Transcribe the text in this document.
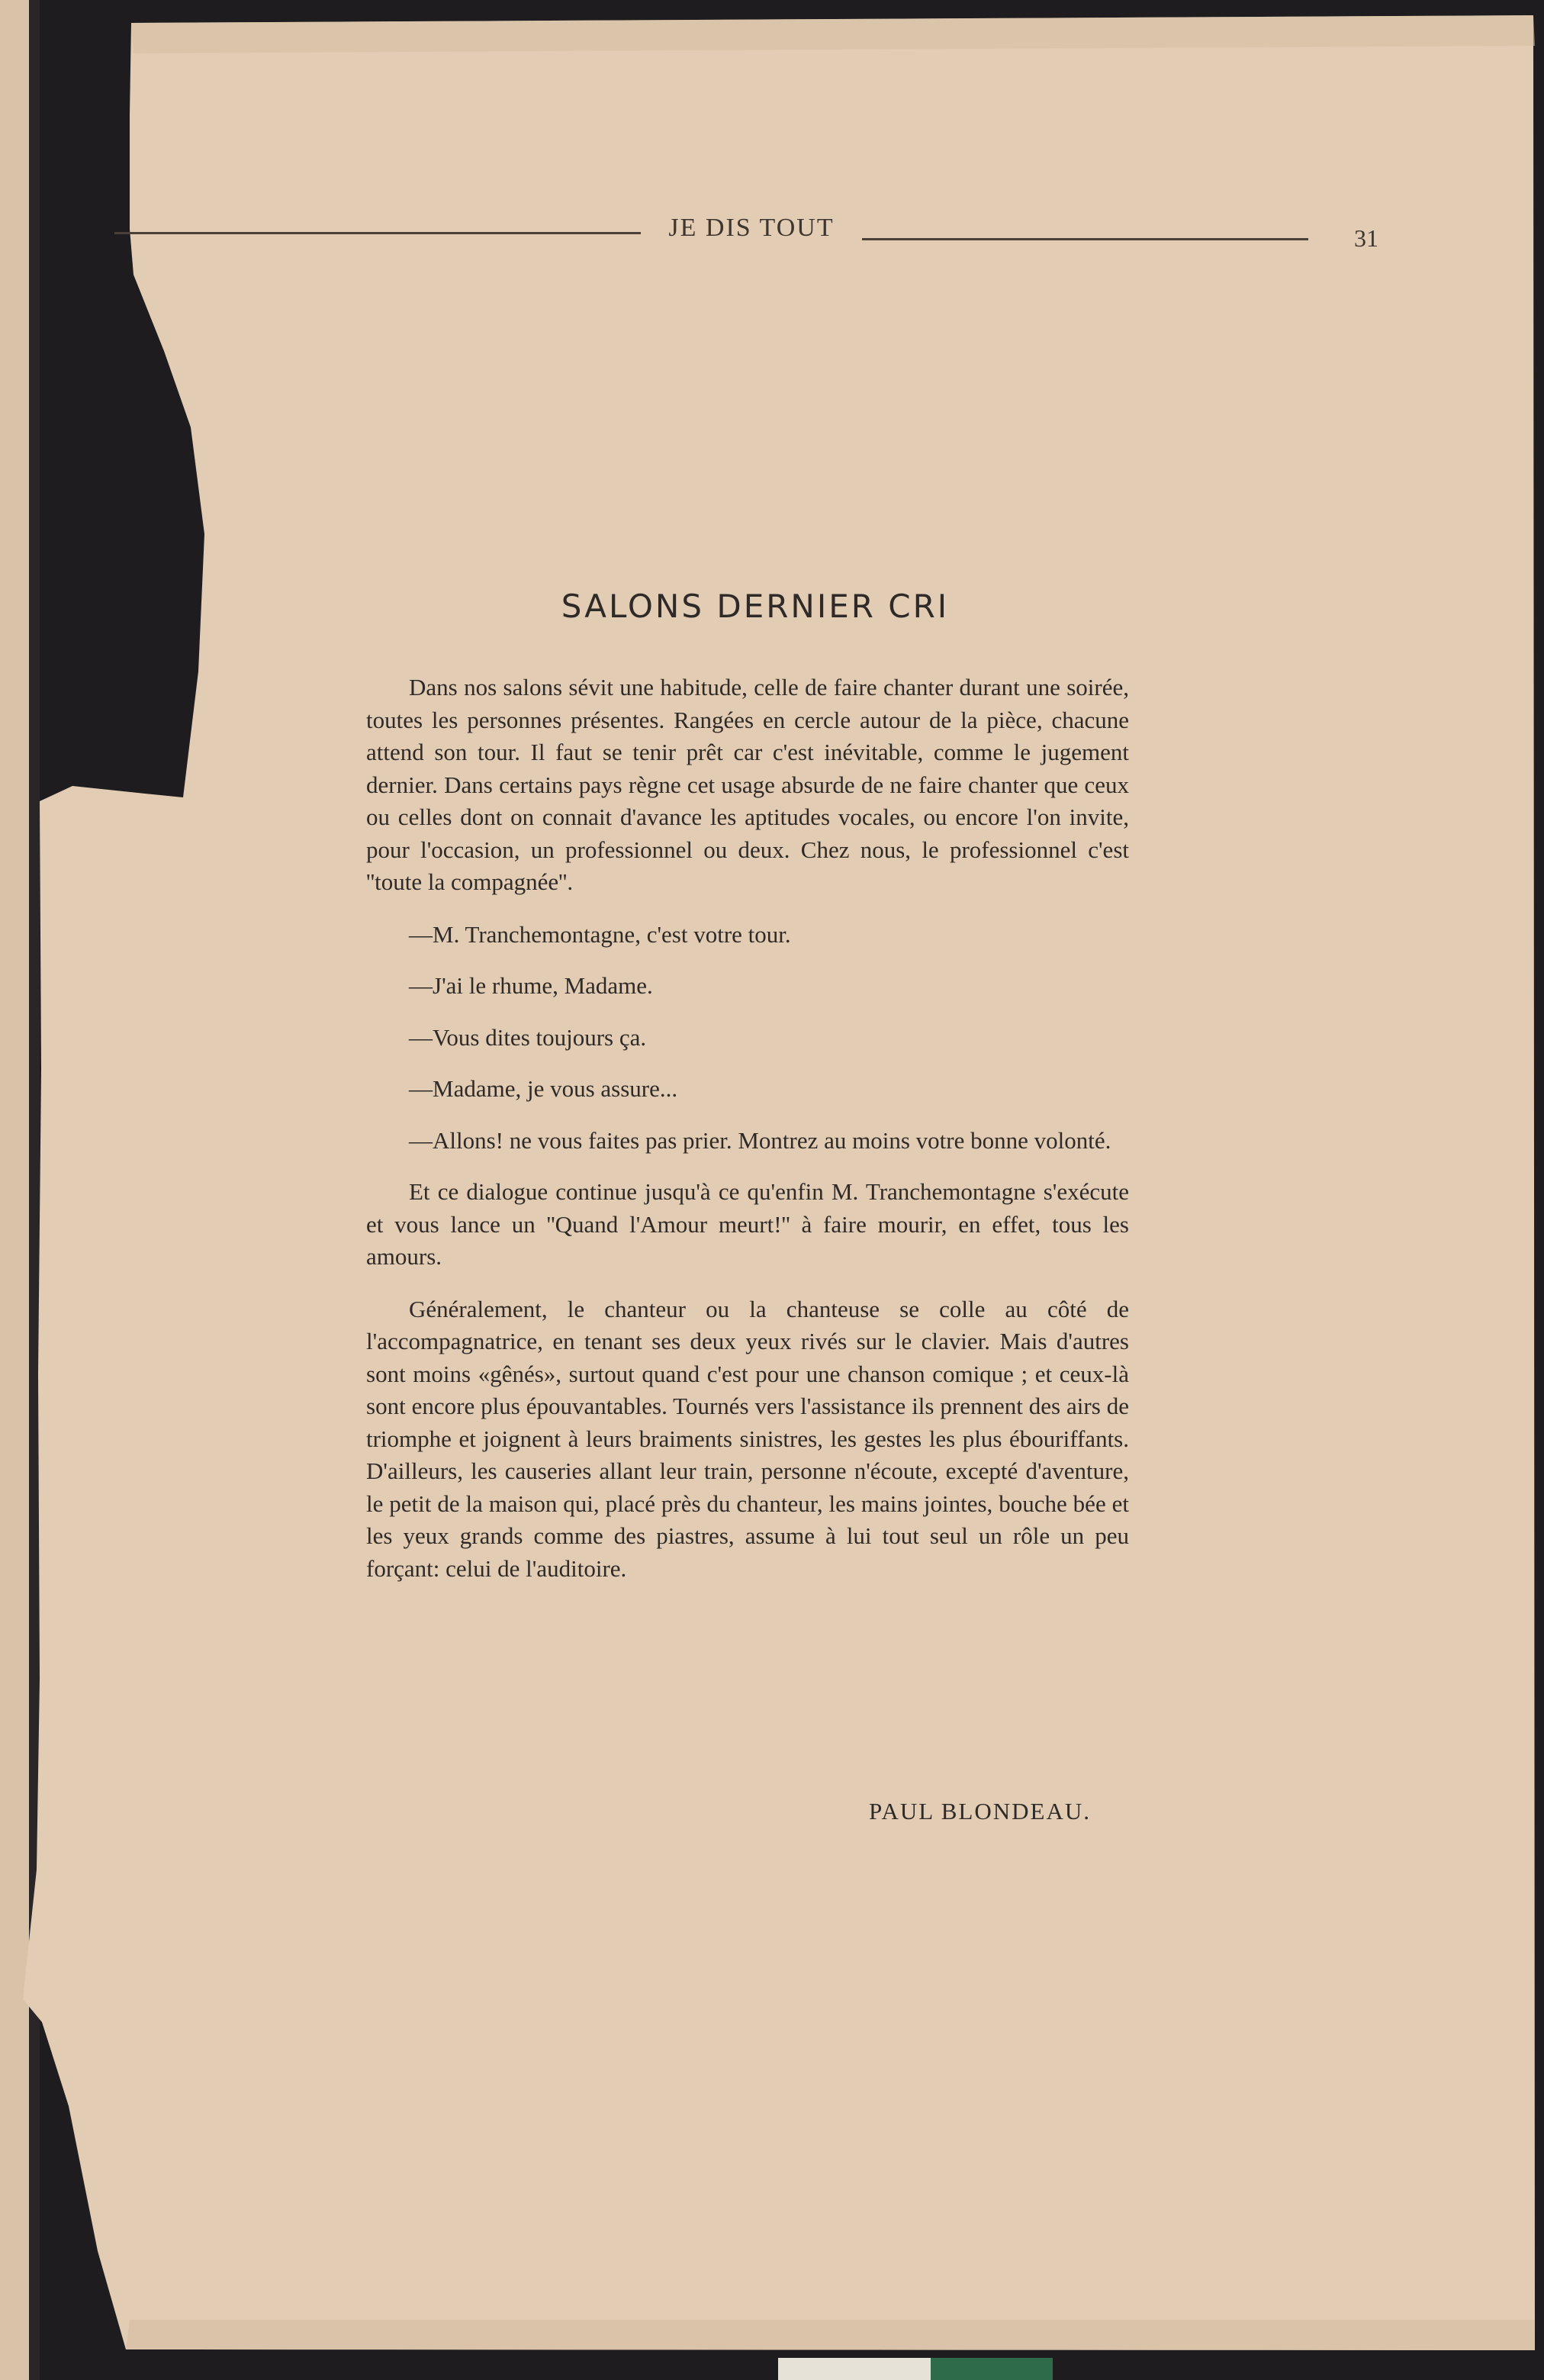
JE DIS TOUT	31
SALONS DERNIER CRI

Dans nos salons sévit une habitude, celle de faire chanter durant une soirée, toutes les personnes présentes. Rangées en cercle autour de la pièce, chacune attend son tour. Il faut se tenir prêt car c'est inévitable, comme le jugement dernier. Dans certains pays règne cet usage absurde de ne faire chanter que ceux ou celles dont on connait d'avance les aptitudes vocales, ou encore l'on invite, pour l'occasion, un professionnel ou deux. Chez nous, le professionnel c'est ''toute la compagnée''.

—M. Tranchemontagne, c'est votre tour.

—J'ai le rhume, Madame.

—Vous dites toujours ça.

—Madame, je vous assure...

—Allons! ne vous faites pas prier. Montrez au moins votre bonne volonté.

Et ce dialogue continue jusqu'à ce qu'enfin M. Tranchemontagne s'exécute et vous lance un ''Quand l'Amour meurt!'' à faire mourir, en effet, tous les amours.

Généralement, le chanteur ou la chanteuse se colle au côté de l'accompagnatrice, en tenant ses deux yeux rivés sur le clavier. Mais d'autres sont moins «gênés», surtout quand c'est pour une chanson comique ; et ceux-là sont encore plus épouvantables. Tournés vers l'assistance ils prennent des airs de triomphe et joignent à leurs braiments sinistres, les gestes les plus ébouriffants. D'ailleurs, les causeries allant leur train, personne n'écoute, excepté d'aventure, le petit de la maison qui, placé près du chanteur, les mains jointes, bouche bée et les yeux grands comme des piastres, assume à lui tout seul un rôle un peu forçant: celui de l'auditoire.

PAUL BLONDEAU.
